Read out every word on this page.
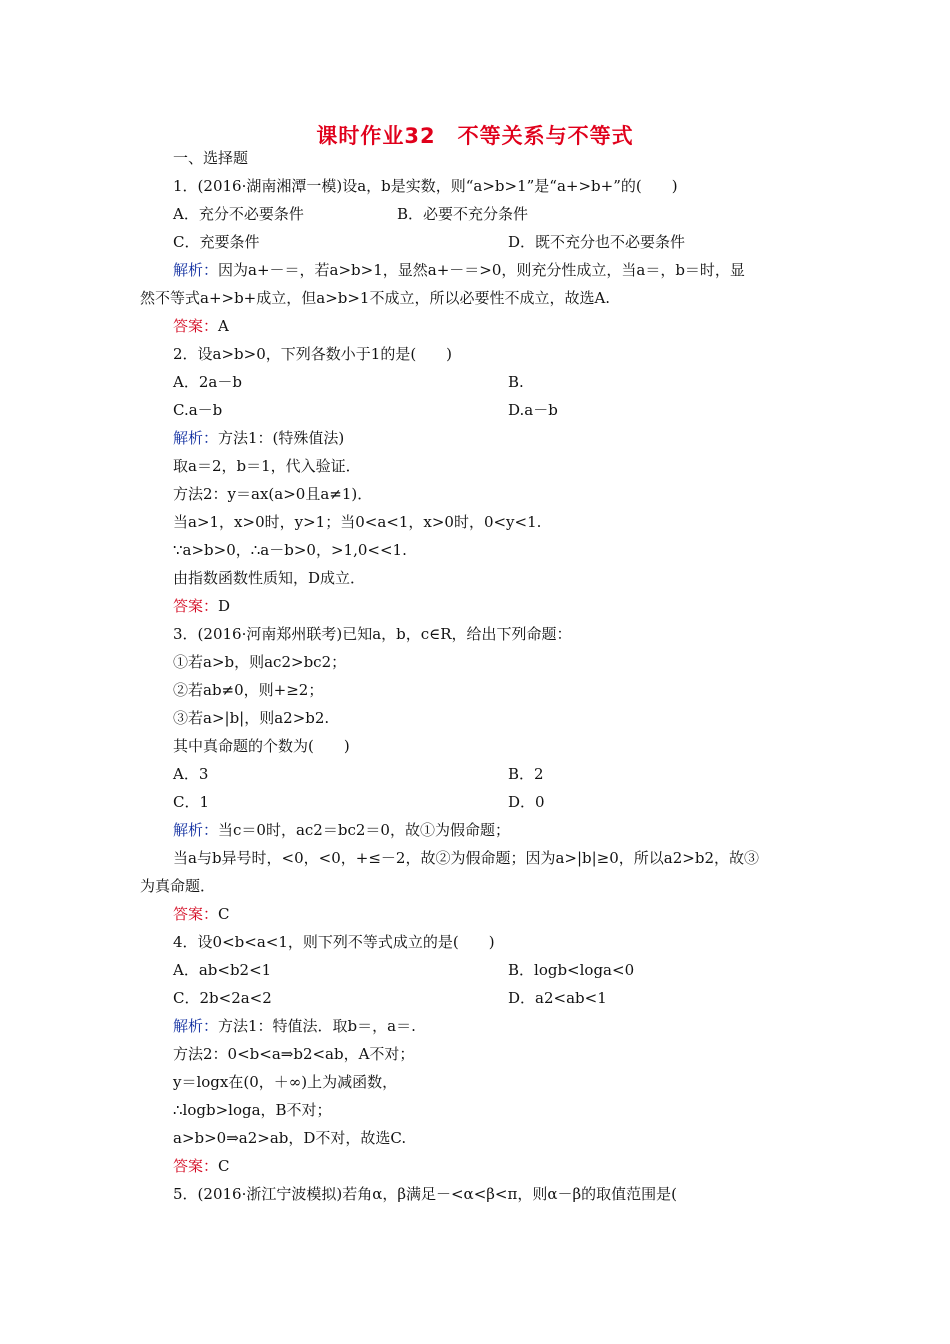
课时作业32　不等关系与不等式
一、选择题
1．(2016·湖南湘潭一模)设a，b是实数，则“a>b>1”是“a+>b+”的(　　)
A．充分不必要条件	B．必要不充分条件
C．充要条件	D．既不充分也不必要条件
解析：因为a+－＝，若a>b>1，显然a+－＝>0，则充分性成立，当a＝，b＝时，显
然不等式a+>b+成立，但a>b>1不成立，所以必要性不成立，故选A.
答案：A
2．设a>b>0，下列各数小于1的是(　　)
A．2a－b	B.
C.a－b	D.a－b
解析：方法1：(特殊值法)
取a＝2，b＝1，代入验证．
方法2：y＝ax(a>0且a≠1)．
当a>1，x>0时，y>1；当0<a<1，x>0时，0<y<1.
∵a>b>0，∴a－b>0，>1,0<<1.
由指数函数性质知，D成立．
答案：D
3．(2016·河南郑州联考)已知a，b，c∈R，给出下列命题：
①若a>b，则ac2>bc2；
②若ab≠0，则+≥2；
③若a>|b|，则a2>b2.
其中真命题的个数为(　　)
A．3	B．2
C．1	D．0
解析：当c＝0时，ac2＝bc2＝0，故①为假命题；
当a与b异号时，<0，<0，+≤－2，故②为假命题；因为a>|b|≥0，所以a2>b2，故③
为真命题．
答案：C
4．设0<b<a<1，则下列不等式成立的是(　　)
A．ab<b2<1	B．logb<loga<0
C．2b<2a<2	D．a2<ab<1
解析：方法1：特值法．取b＝，a＝.
方法2：0<b<a⇒b2<ab，A不对；
y＝logx在(0，＋∞)上为减函数，
∴logb>loga，B不对；
a>b>0⇒a2>ab，D不对，故选C.
答案：C
5．(2016·浙江宁波模拟)若角α，β满足－<α<β<π，则α－β的取值范围是(
